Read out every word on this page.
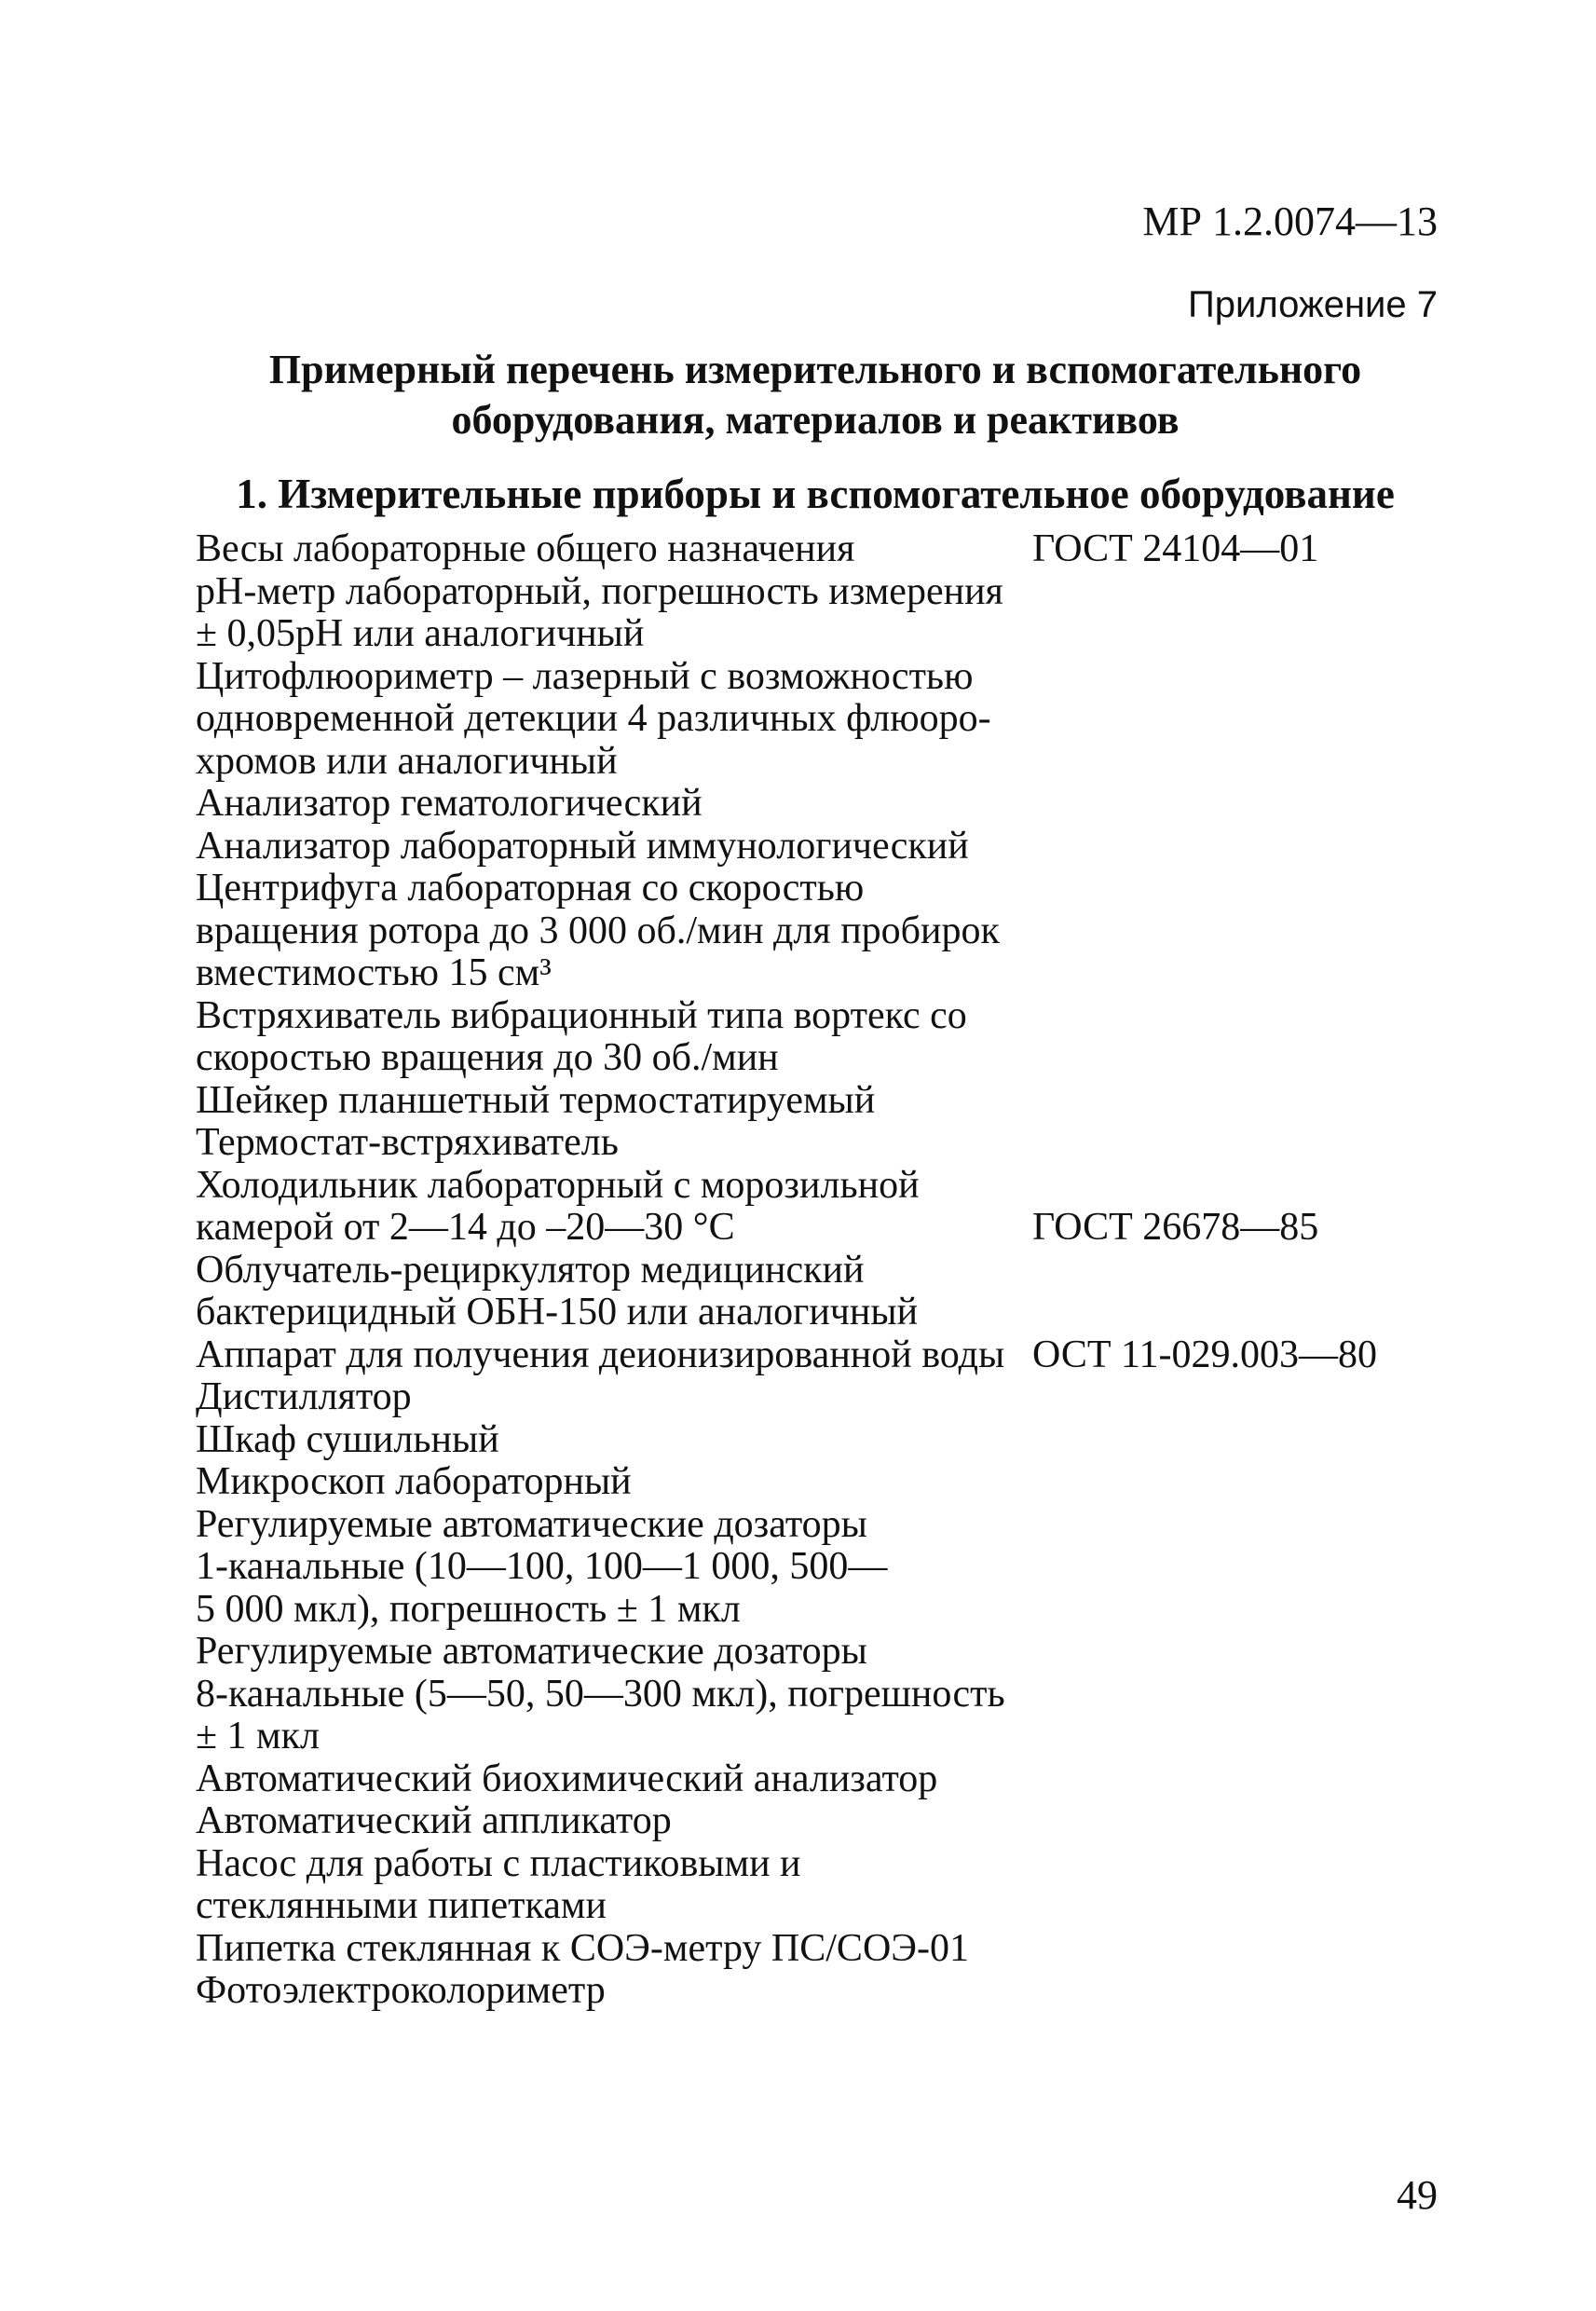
МР 1.2.0074—13
Приложение 7
Примерный перечень измерительного и вспомогательного
оборудования, материалов и реактивов
1. Измерительные приборы и вспомогательное оборудование
Весы лабораторные общего назначения	ГОСТ 24104—01
рН-метр лабораторный, погрешность измерения
± 0,05рН или аналогичный
Цитофлюориметр – лазерный с возможностью
одновременной детекции 4 различных флюоро-
хромов или аналогичный
Анализатор гематологический
Анализатор лабораторный иммунологический
Центрифуга лабораторная со скоростью
вращения ротора до 3 000 об./мин для пробирок
вместимостью 15 см³
Встряхиватель вибрационный типа вортекс со
скоростью вращения до 30 об./мин
Шейкер планшетный термостатируемый
Термостат-встряхиватель
Холодильник лабораторный с морозильной
камерой от 2—14 до –20—30 °С	ГОСТ 26678—85
Облучатель-рециркулятор медицинский
бактерицидный ОБН-150 или аналогичный
Аппарат для получения деионизированной воды ОСТ 11-029.003—80
Дистиллятор
Шкаф сушильный
Микроскоп лабораторный
Регулируемые автоматические дозаторы
1-канальные (10—100, 100—1 000, 500—
5 000 мкл), погрешность ± 1 мкл
Регулируемые автоматические дозаторы
8-канальные (5—50, 50—300 мкл), погрешность
± 1 мкл
Автоматический биохимический анализатор
Автоматический аппликатор
Насос для работы с пластиковыми и
стеклянными пипетками
Пипетка стеклянная к СОЭ-метру ПС/СОЭ-01
Фотоэлектроколориметр
49
